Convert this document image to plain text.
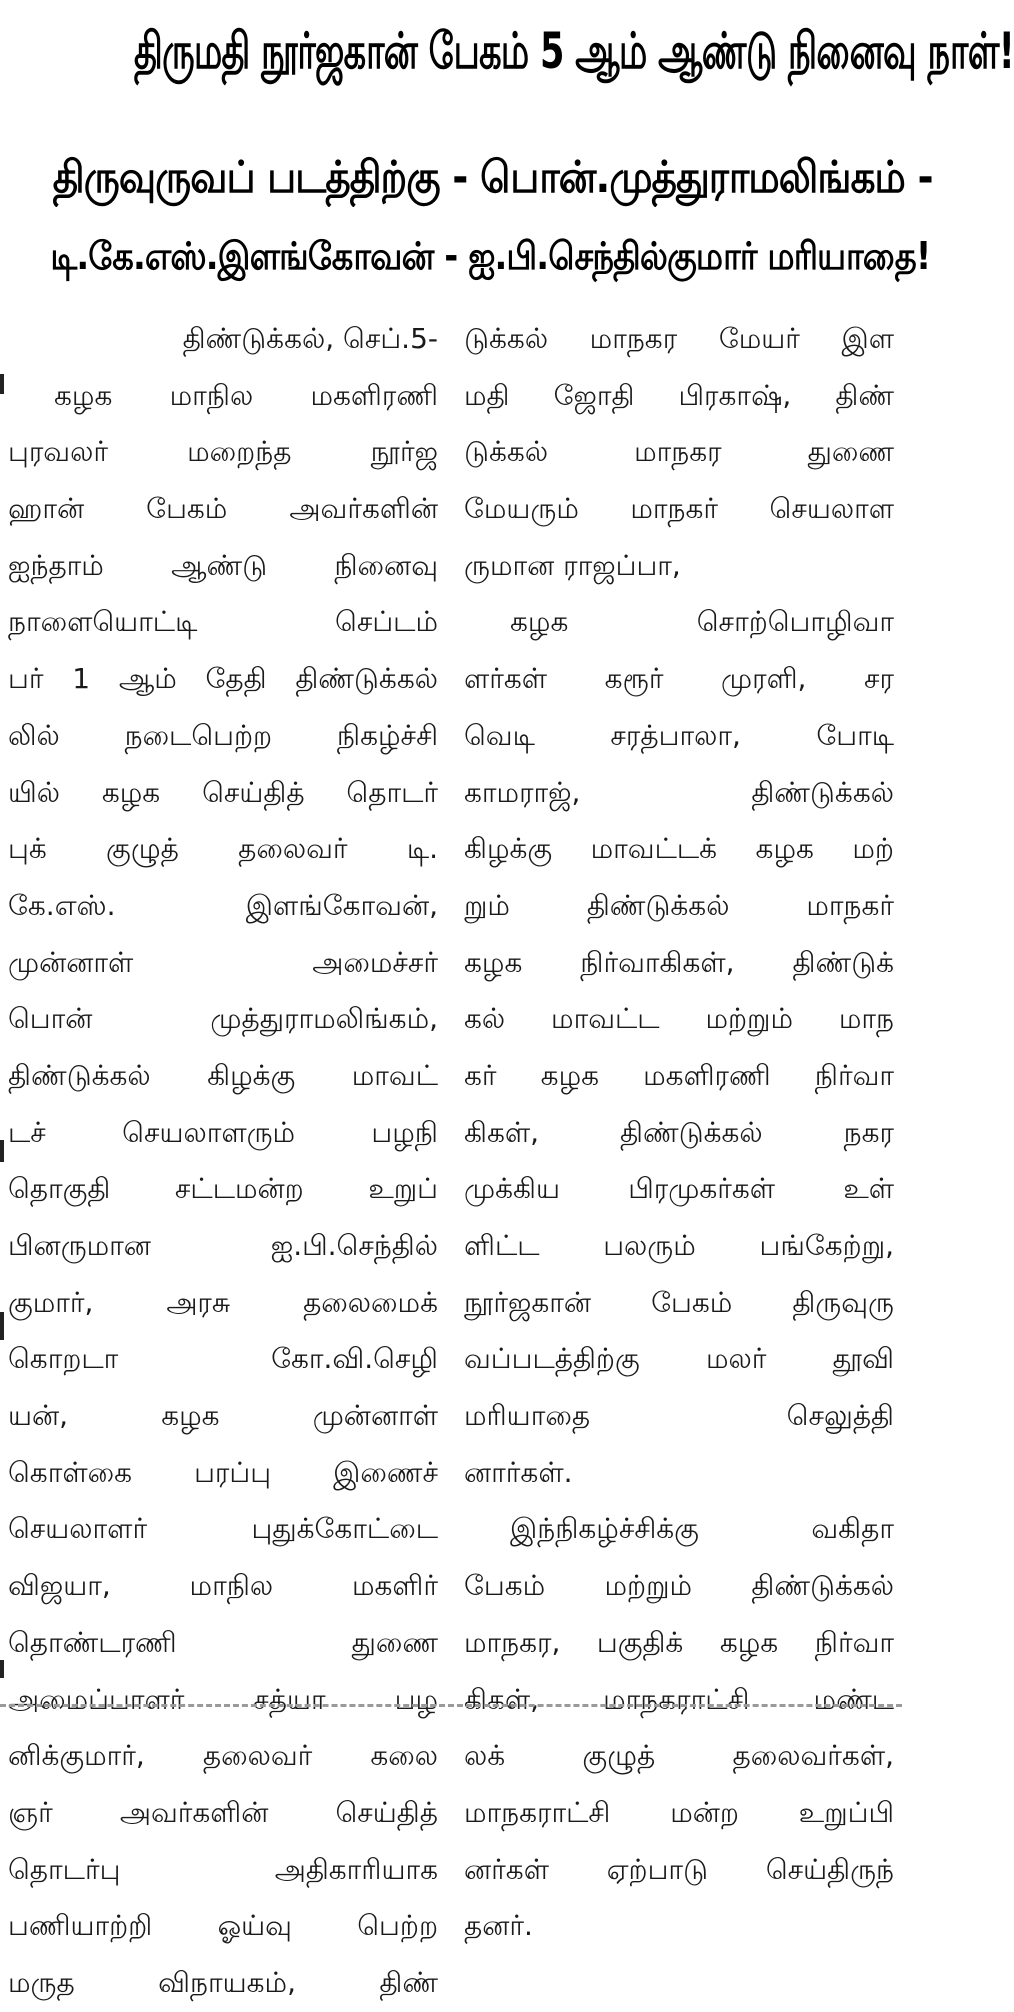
திருமதி நூர்ஜகான் பேகம் 5 ஆம் ஆண்டு நினைவு நாள்!
திருவுருவப் படத்திற்கு - பொன்.முத்துராமலிங்கம் -
டி.கே.எஸ்.இளங்கோவன் - ஐ.பி.செந்தில்குமார் மரியாதை!
திண்டுக்கல், செப்.5-
கழக மாநில மகளிரணி
புரவலர் மறைந்த நூர்ஜ
ஹான் பேகம் அவர்களின்
ஐந்தாம் ஆண்டு நினைவு
நாளையொட்டி செப்டம்
பர் 1 ஆம் தேதி திண்டுக்கல்
லில் நடைபெற்ற நிகழ்ச்சி
யில் கழக செய்தித் தொடர்
புக் குழுத் தலைவர் டி.
கே.எஸ். இளங்கோவன்,
முன்னாள் அமைச்சர்
பொன் முத்துராமலிங்கம்,
திண்டுக்கல் கிழக்கு மாவட்
டச் செயலாளரும் பழநி
தொகுதி சட்டமன்ற உறுப்
பினருமான ஐ.பி.செந்தில்
குமார், அரசு தலைமைக்
கொறடா கோ.வி.செழி
யன், கழக முன்னாள்
கொள்கை பரப்பு இணைச்
செயலாளர் புதுக்கோட்டை
விஜயா, மாநில மகளிர்
தொண்டரணி துணை
அமைப்பாளர் சத்யா பழ
னிக்குமார், தலைவர் கலை
ஞர் அவர்களின் செய்தித்
தொடர்பு அதிகாரியாக
பணியாற்றி ஓய்வு பெற்ற
மருத விநாயகம், திண்
டுக்கல் மாநகர மேயர் இள
மதி ஜோதி பிரகாஷ், திண்
டுக்கல் மாநகர துணை
மேயரும் மாநகர் செயலாள
ருமான ராஜப்பா,
கழக சொற்பொழிவா
ளர்கள் கரூர் முரளி, சர
வெடி சரத்பாலா, போடி
காமராஜ், திண்டுக்கல்
கிழக்கு மாவட்டக் கழக மற்
றும் திண்டுக்கல் மாநகர்
கழக நிர்வாகிகள், திண்டுக்
கல் மாவட்ட மற்றும் மாந
கர் கழக மகளிரணி நிர்வா
கிகள், திண்டுக்கல் நகர
முக்கிய பிரமுகர்கள் உள்
ளிட்ட பலரும் பங்கேற்று,
நூர்ஜகான் பேகம் திருவுரு
வப்படத்திற்கு மலர் தூவி
மரியாதை செலுத்தி
னார்கள்.
இந்நிகழ்ச்சிக்கு வகிதா
பேகம் மற்றும் திண்டுக்கல்
மாநகர, பகுதிக் கழக நிர்வா
கிகள், மாநகராட்சி மண்ட
லக் குழுத் தலைவர்கள்,
மாநகராட்சி மன்ற உறுப்பி
னர்கள் ஏற்பாடு செய்திருந்
தனர்.
